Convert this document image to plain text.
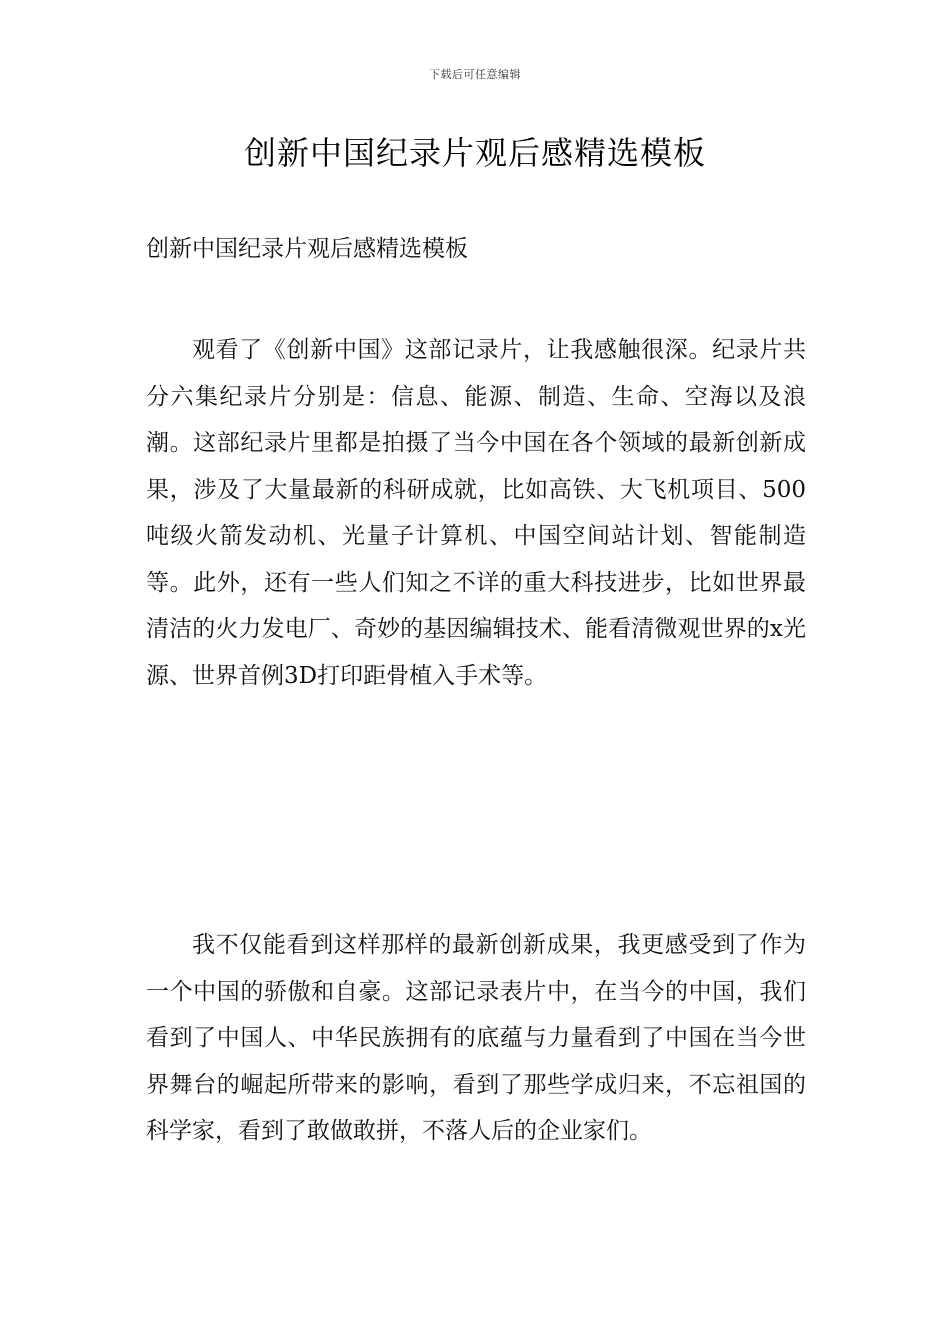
下载后可任意编辑
创新中国纪录片观后感精选模板
创新中国纪录片观后感精选模板

观看了《创新中国》这部记录片，让我感触很深。纪录片共分六集纪录片分别是：信息、能源、制造、生命、空海以及浪潮。这部纪录片里都是拍摄了当今中国在各个领域的最新创新成果，涉及了大量最新的科研成就，比如高铁、大飞机项目、500吨级火箭发动机、光量子计算机、中国空间站计划、智能制造等。此外，还有一些人们知之不详的重大科技进步，比如世界最清洁的火力发电厂、奇妙的基因编辑技术、能看清微观世界的x光源、世界首例3D打印距骨植入手术等。

我不仅能看到这样那样的最新创新成果，我更感受到了作为一个中国的骄傲和自豪。这部记录表片中，在当今的中国，我们看到了中国人、中华民族拥有的底蕴与力量看到了中国在当今世界舞台的崛起所带来的影响，看到了那些学成归来，不忘祖国的科学家，看到了敢做敢拼，不落人后的企业家们。
